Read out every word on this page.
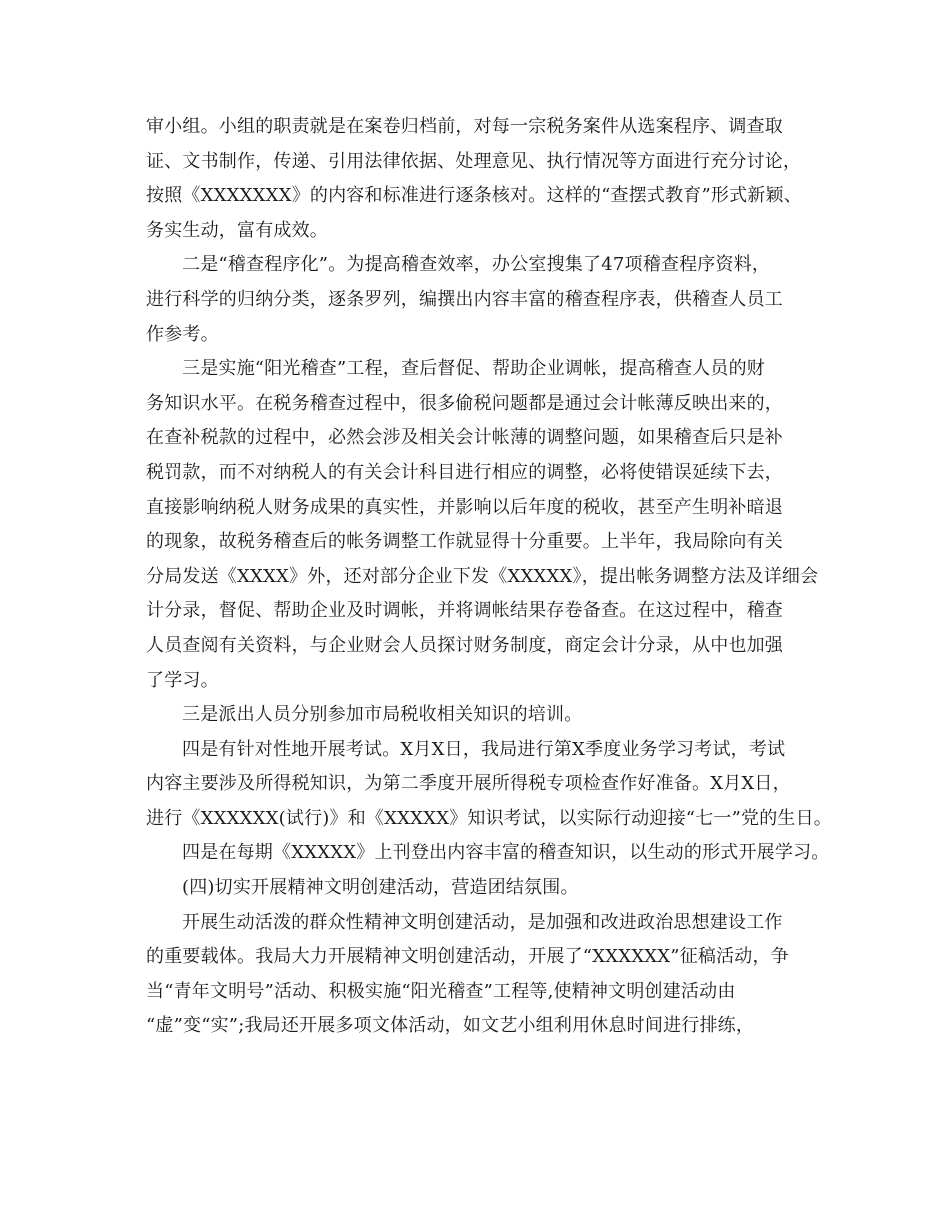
审小组。小组的职责就是在案卷归档前，对每一宗税务案件从选案程序、调查取
证、文书制作，传递、引用法律依据、处理意见、执行情况等方面进行充分讨论，
按照《XXXXXXX》的内容和标准进行逐条核对。这样的“查摆式教育”形式新颖、
务实生动，富有成效。
二是“稽查程序化”。为提高稽查效率，办公室搜集了47项稽查程序资料，
进行科学的归纳分类，逐条罗列，编撰出内容丰富的稽查程序表，供稽查人员工
作参考。
三是实施“阳光稽查”工程，查后督促、帮助企业调帐，提高稽查人员的财
务知识水平。在税务稽查过程中，很多偷税问题都是通过会计帐薄反映出来的，
在查补税款的过程中，必然会涉及相关会计帐薄的调整问题，如果稽查后只是补
税罚款，而不对纳税人的有关会计科目进行相应的调整，必将使错误延续下去，
直接影响纳税人财务成果的真实性，并影响以后年度的税收，甚至产生明补暗退
的现象，故税务稽查后的帐务调整工作就显得十分重要。上半年，我局除向有关
分局发送《XXXX》外，还对部分企业下发《XXXXX》，提出帐务调整方法及详细会
计分录，督促、帮助企业及时调帐，并将调帐结果存卷备查。在这过程中，稽查
人员查阅有关资料，与企业财会人员探讨财务制度，商定会计分录，从中也加强
了学习。
三是派出人员分别参加市局税收相关知识的培训。
四是有针对性地开展考试。X月X日，我局进行第X季度业务学习考试，考试
内容主要涉及所得税知识，为第二季度开展所得税专项检查作好准备。X月X日，
进行《XXXXXX(试行)》和《XXXXX》知识考试，以实际行动迎接“七一”党的生日。
四是在每期《XXXXX》上刊登出内容丰富的稽查知识，以生动的形式开展学习。
(四)切实开展精神文明创建活动，营造团结氛围。
开展生动活泼的群众性精神文明创建活动，是加强和改进政治思想建设工作
的重要载体。我局大力开展精神文明创建活动，开展了“XXXXXX”征稿活动，争
当“青年文明号”活动、积极实施“阳光稽查”工程等,使精神文明创建活动由
“虚”变“实”;我局还开展多项文体活动，如文艺小组利用休息时间进行排练，
